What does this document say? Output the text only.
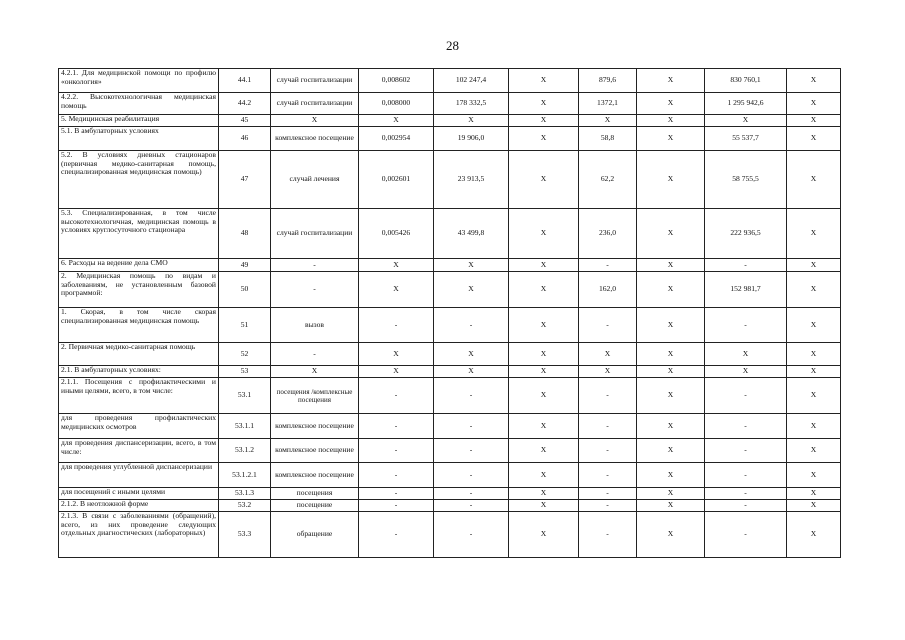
28
4.2.1. Для медицинской помощи по профилю «онкология»	44.1	случай госпитализации	0,008602	102 247,4	Х	879,6	Х	830 760,1	Х
4.2.2. Высокотехнологичная медицинская помощь	44.2	случай госпитализации	0,008000	178 332,5	Х	1372,1	Х	1 295 942,6	Х
5. Медицинская реабилитация	45	Х	Х	Х	Х	Х	Х	Х	Х
5.1. В амбулаторных условиях	46	комплексное посещение	0,002954	19 906,0	Х	58,8	Х	55 537,7	Х
5.2. В условиях дневных стационаров (первичная медико-санитарная помощь, специализированная медицинская помощь)	47	случай лечения	0,002601	23 913,5	Х	62,2	Х	58 755,5	Х
5.3. Специализированная, в том числе высокотехнологичная, медицинская помощь в условиях круглосуточного стационара	48	случай госпитализации	0,005426	43 499,8	Х	236,0	Х	222 936,5	Х
6. Расходы на ведение дела СМО	49	-	Х	Х	Х	-	Х	-	Х
2. Медицинская помощь по видам и заболеваниям, не установленным базовой программой:	50	-	Х	Х	Х	162,0	Х	152 981,7	Х
1. Скорая, в том числе скорая специализированная медицинская помощь	51	вызов	-	-	Х	-	Х	-	Х
2. Первичная медико-санитарная помощь	52	-	Х	Х	Х	Х	Х	Х	Х
2.1. В амбулаторных условиях:	53	Х	Х	Х	Х	Х	Х	Х	Х
2.1.1. Посещения с профилактическими и иными целями, всего, в том числе:	53.1	посещения /комплексные посещения	-	-	Х	-	Х	-	Х
для проведения профилактических медицинских осмотров	53.1.1	комплексное посещение	-	-	Х	-	Х	-	Х
для проведения диспансеризации, всего, в том числе:	53.1.2	комплексное посещение	-	-	Х	-	Х	-	Х
для проведения углубленной диспансеризации	53.1.2.1	комплексное посещение	-	-	Х	-	Х	-	Х
для посещений с иными целями	53.1.3	посещения	-	-	Х	-	Х	-	Х
2.1.2. В неотложной форме	53.2	посещение	-	-	Х	-	Х	-	Х
2.1.3. В связи с заболеваниями (обращений), всего, из них проведение следующих отдельных диагностических (лабораторных)	53.3	обращение	-	-	Х	-	Х	-	Х
